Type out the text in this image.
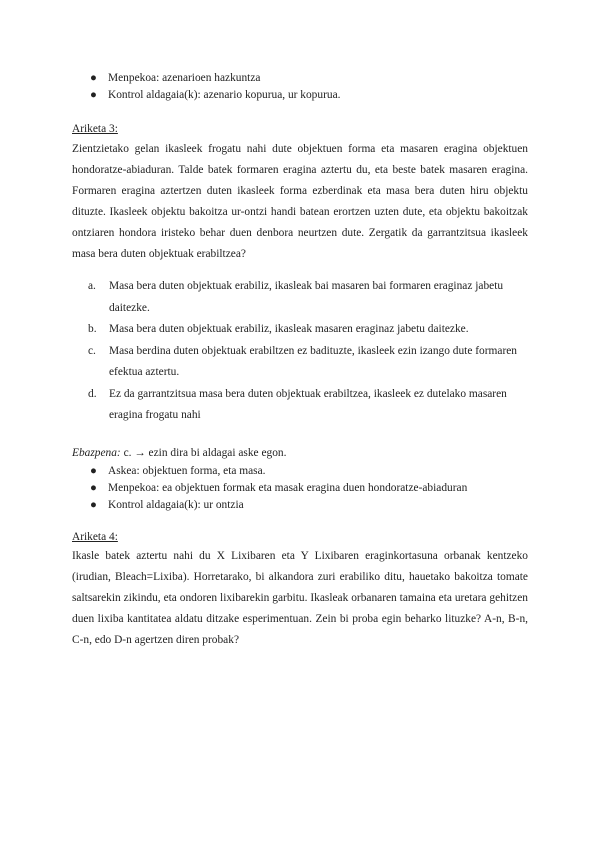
● Menpekoa: azenarioen hazkuntza
● Kontrol aldagaia(k): azenario kopurua, ur kopurua.
Ariketa 3:

Zientzietako gelan ikasleek frogatu nahi dute objektuen forma eta masaren eragina objektuen hondoratze-abiaduran. Talde batek formaren eragina aztertu du, eta beste batek masaren eragina. Formaren eragina aztertzen duten ikasleek forma ezberdinak eta masa bera duten hiru objektu dituzte. Ikasleek objektu bakoitza ur-ontzi handi batean erortzen uzten dute, eta objektu bakoitzak ontziaren hondora iristeko behar duen denbora neurtzen dute. Zergatik da garrantzitsua ikasleek masa bera duten objektuak erabiltzea?

a. Masa bera duten objektuak erabiliz, ikasleak bai masaren bai formaren eraginaz jabetu daitezke.
b. Masa bera duten objektuak erabiliz, ikasleak masaren eraginaz jabetu daitezke.
c. Masa berdina duten objektuak erabiltzen ez badituzte, ikasleek ezin izango dute formaren efektua aztertu.
d. Ez da garrantzitsua masa bera duten objektuak erabiltzea, ikasleek ez dutelako masaren eragina frogatu nahi
Ebazpena: c. → ezin dira bi aldagai aske egon.
● Askea: objektuen forma, eta masa.
● Menpekoa: ea objektuen formak eta masak eragina duen hondoratze-abiaduran
● Kontrol aldagaia(k): ur ontzia
Ariketa 4:

Ikasle batek aztertu nahi du X Lixibaren eta Y Lixibaren eraginkortasuna orbanak kentzeko (irudian, Bleach=Lixiba). Horretarako, bi alkandora zuri erabiliko ditu, hauetako bakoitza tomate saltsarekin zikindu, eta ondoren lixibarekin garbitu. Ikasleak orbanaren tamaina eta uretara gehitzen duen lixiba kantitatea aldatu ditzake esperimentuan. Zein bi proba egin beharko lituzke? A-n, B-n, C-n, edo D-n agertzen diren probak?
